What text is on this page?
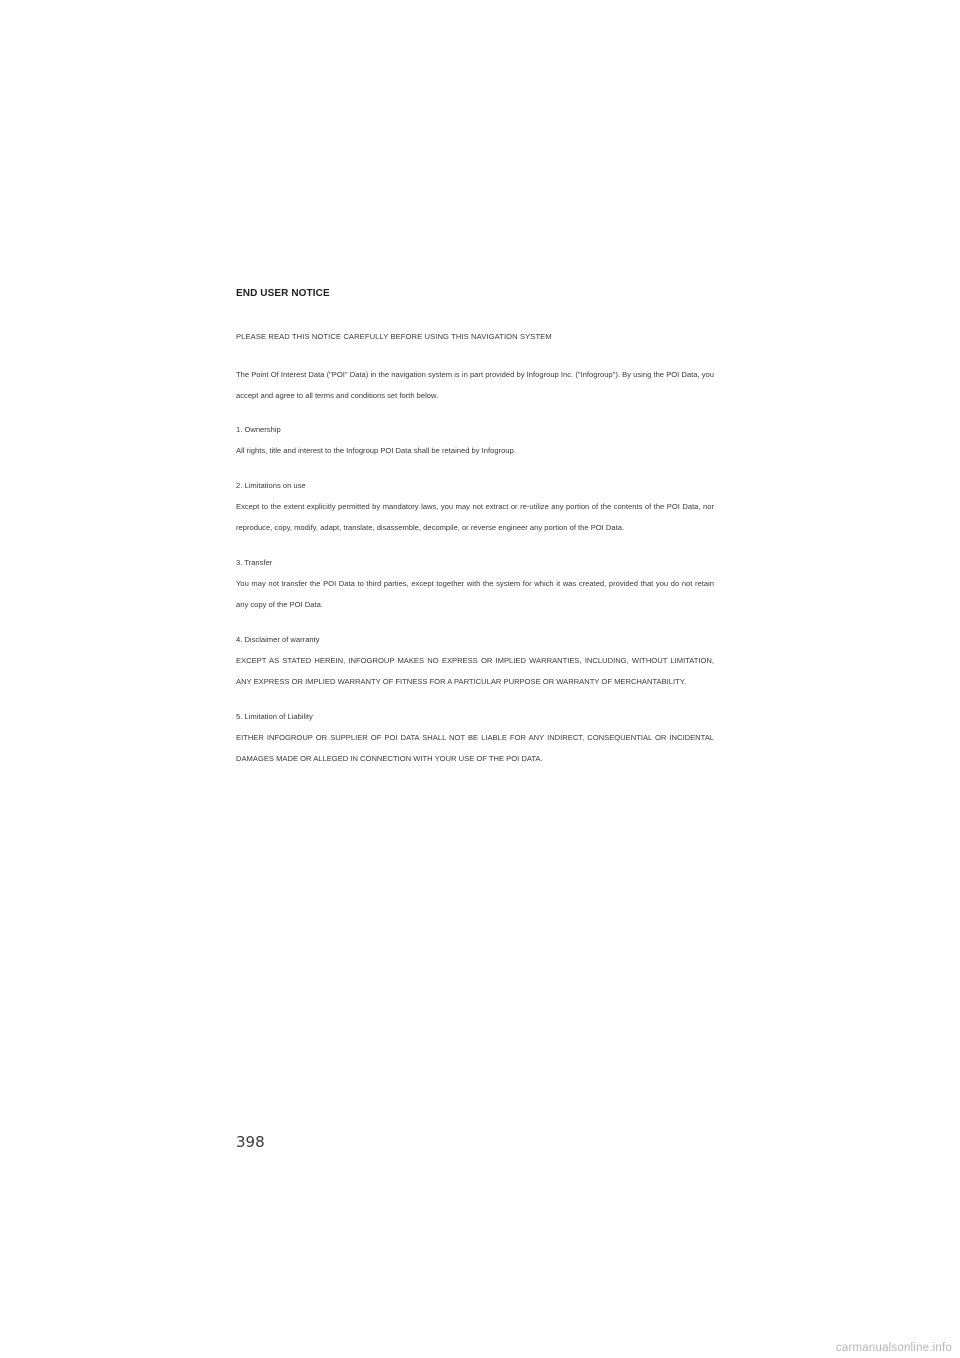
END USER NOTICE

PLEASE READ THIS NOTICE CAREFULLY BEFORE USING THIS NAVIGATION SYSTEM

The Point Of Interest Data ("POI" Data) in the navigation system is in part provided by Infogroup Inc. ("Infogroup"). By using the POI Data, you accept and agree to all terms and conditions set forth below.

1. Ownership

All rights, title and interest to the Infogroup POI Data shall be retained by Infogroup.

2. Limitations on use

Except to the extent explicitly permitted by mandatory laws, you may not extract or re-utilize any portion of the contents of the POI Data, nor reproduce, copy, modify, adapt, translate, disassemble, decompile, or reverse engineer any portion of the POI Data.

3. Transfer

You may not transfer the POI Data to third parties, except together with the system for which it was created, provided that you do not retain any copy of the POI Data.

4. Disclaimer of warranty

EXCEPT AS STATED HEREIN, INFOGROUP MAKES NO EXPRESS OR IMPLIED WARRANTIES, INCLUDING, WITHOUT LIMITATION, ANY EXPRESS OR IMPLIED WARRANTY OF FITNESS FOR A PARTICULAR PURPOSE OR WARRANTY OF MERCHANTABILITY.

5. Limitation of Liability

EITHER INFOGROUP OR SUPPLIER OF POI DATA SHALL NOT BE LIABLE FOR ANY INDIRECT, CONSEQUENTIAL OR INCIDENTAL DAMAGES MADE OR ALLEGED IN CONNECTION WITH YOUR USE OF THE POI DATA.

398
carmanualsonline.info
